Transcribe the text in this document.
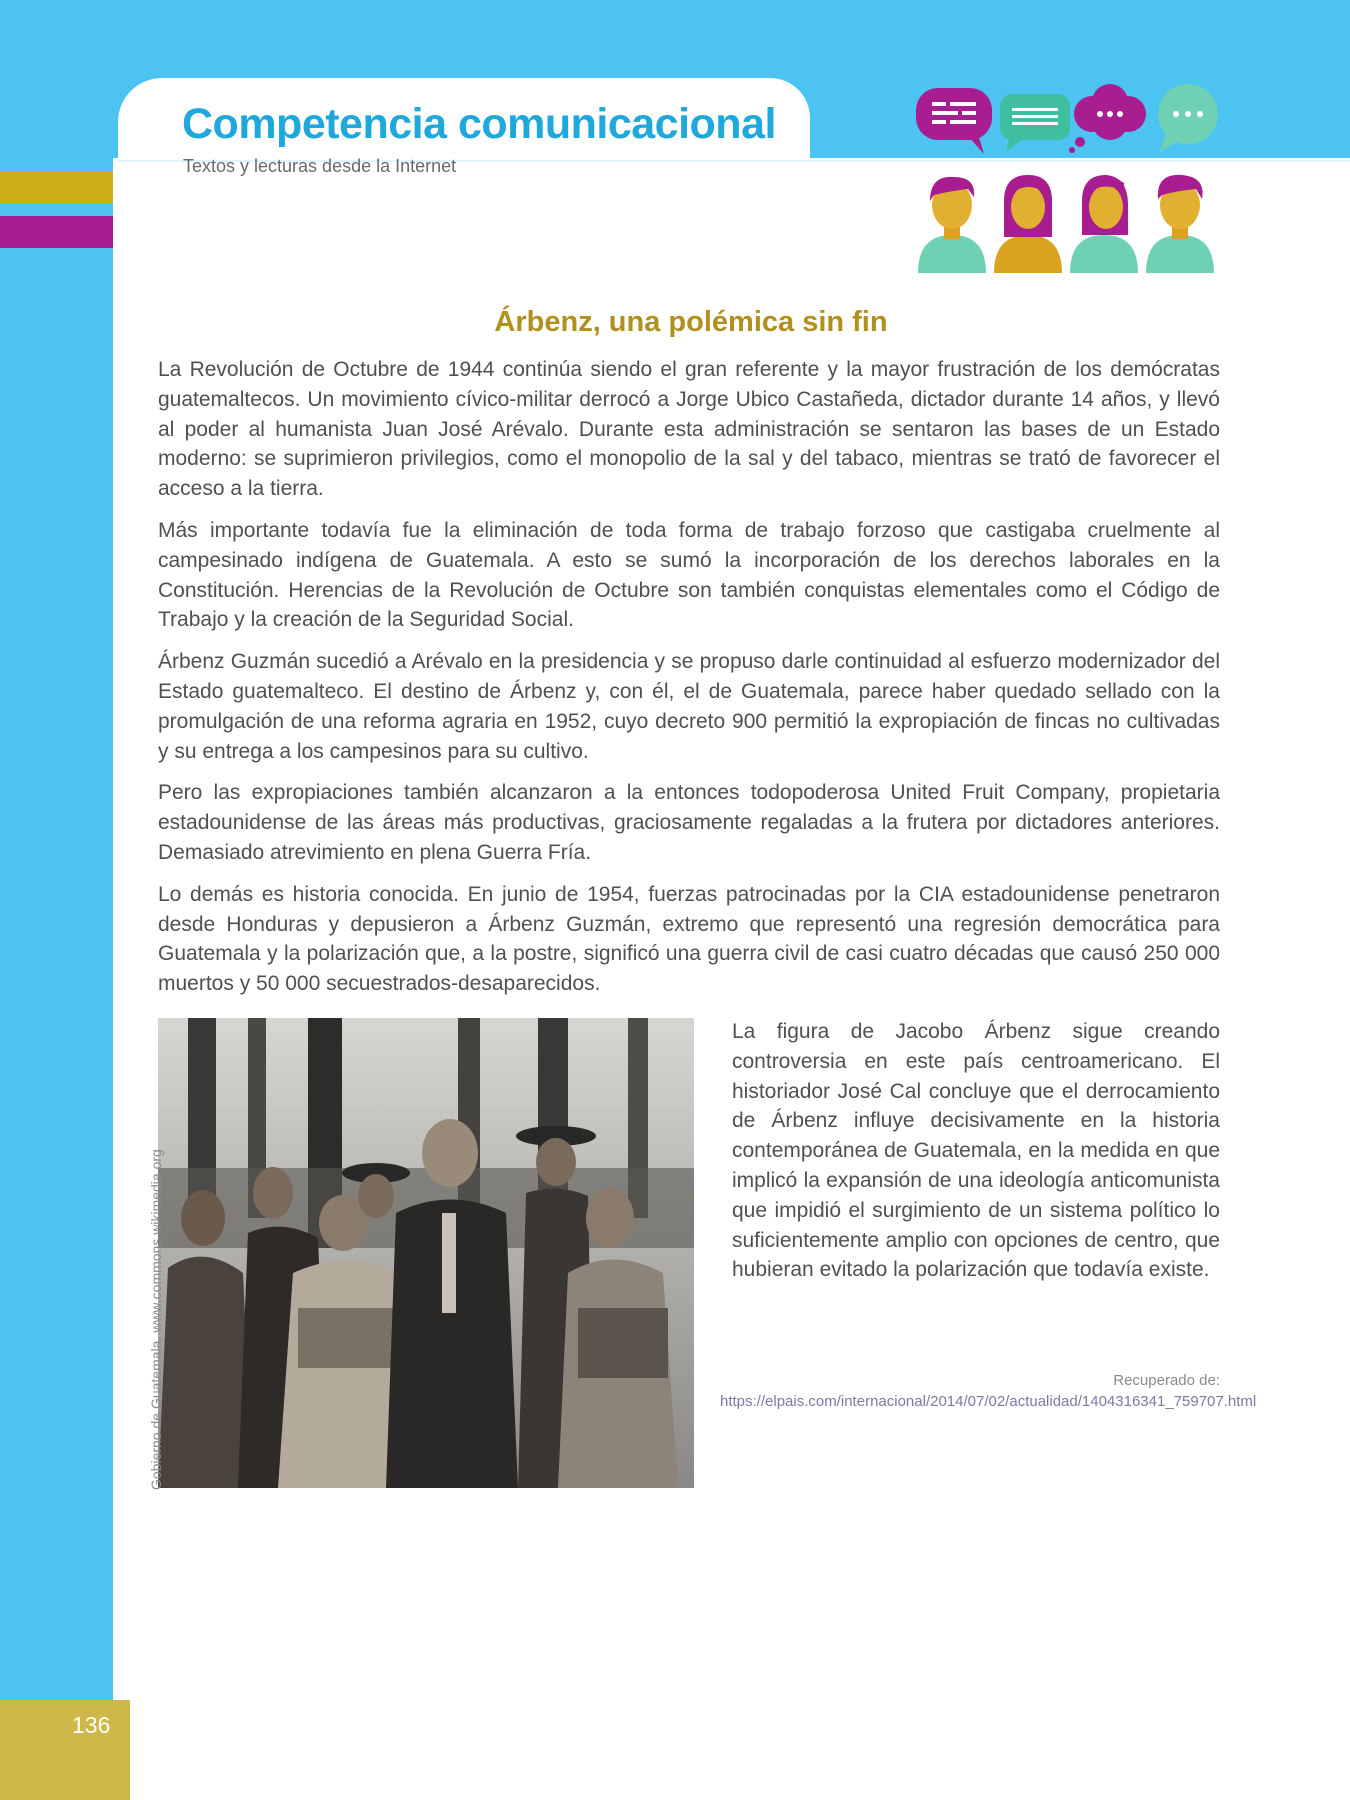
136
Competencia comunicacional
Textos y lecturas desde la Internet
Árbenz, una polémica sin fin

La Revolución de Octubre de 1944 continúa siendo el gran referente y la mayor frustración de los demócratas guatemaltecos. Un movimiento cívico-militar derrocó a Jorge Ubico Castañeda, dictador durante 14 años, y llevó al poder al humanista Juan José Arévalo. Durante esta administración se sentaron las bases de un Estado moderno: se suprimieron privilegios, como el monopolio de la sal y del tabaco, mientras se trató de favorecer el acceso a la tierra.

Más importante todavía fue la eliminación de toda forma de trabajo forzoso que castigaba cruelmente al campesinado indígena de Guatemala. A esto se sumó la incorporación de los derechos laborales en la Constitución. Herencias de la Revolución de Octubre son también conquistas elementales como el Código de Trabajo y la creación de la Seguridad Social.

Árbenz Guzmán sucedió a Arévalo en la presidencia y se propuso darle continuidad al esfuerzo modernizador del Estado guatemalteco. El destino de Árbenz y, con él, el de Guatemala, parece haber quedado sellado con la promulgación de una reforma agraria en 1952, cuyo decreto 900 permitió la expropiación de fincas no cultivadas y su entrega a los campesinos para su cultivo.

Pero las expropiaciones también alcanzaron a la entonces todopoderosa United Fruit Company, propietaria estadounidense de las áreas más productivas, graciosamente regaladas a la frutera por dictadores anteriores. Demasiado atrevimiento en plena Guerra Fría.

Lo demás es historia conocida. En junio de 1954, fuerzas patrocinadas por la CIA estadounidense penetraron desde Honduras y depusieron a Árbenz Guzmán, extremo que representó una regresión democrática para Guatemala y la polarización que, a la postre, significó una guerra civil de casi cuatro décadas que causó 250 000 muertos y 50 000 secuestrados-desaparecidos.

Gobierno de Guatemala, www.commons.wikimedia.org

La figura de Jacobo Árbenz sigue creando controversia en este país centroamericano. El historiador José Cal concluye que el derrocamiento de Árbenz influye decisivamente en la historia contemporánea de Guatemala, en la medida en que implicó la expansión de una ideología anticomunista que impidió el surgimiento de un sistema político lo suficientemente amplio con opciones de centro, que hubieran evitado la polarización que todavía existe.

Recuperado de: https://elpais.com/internacional/2014/07/02/actualidad/1404316341_759707.html
